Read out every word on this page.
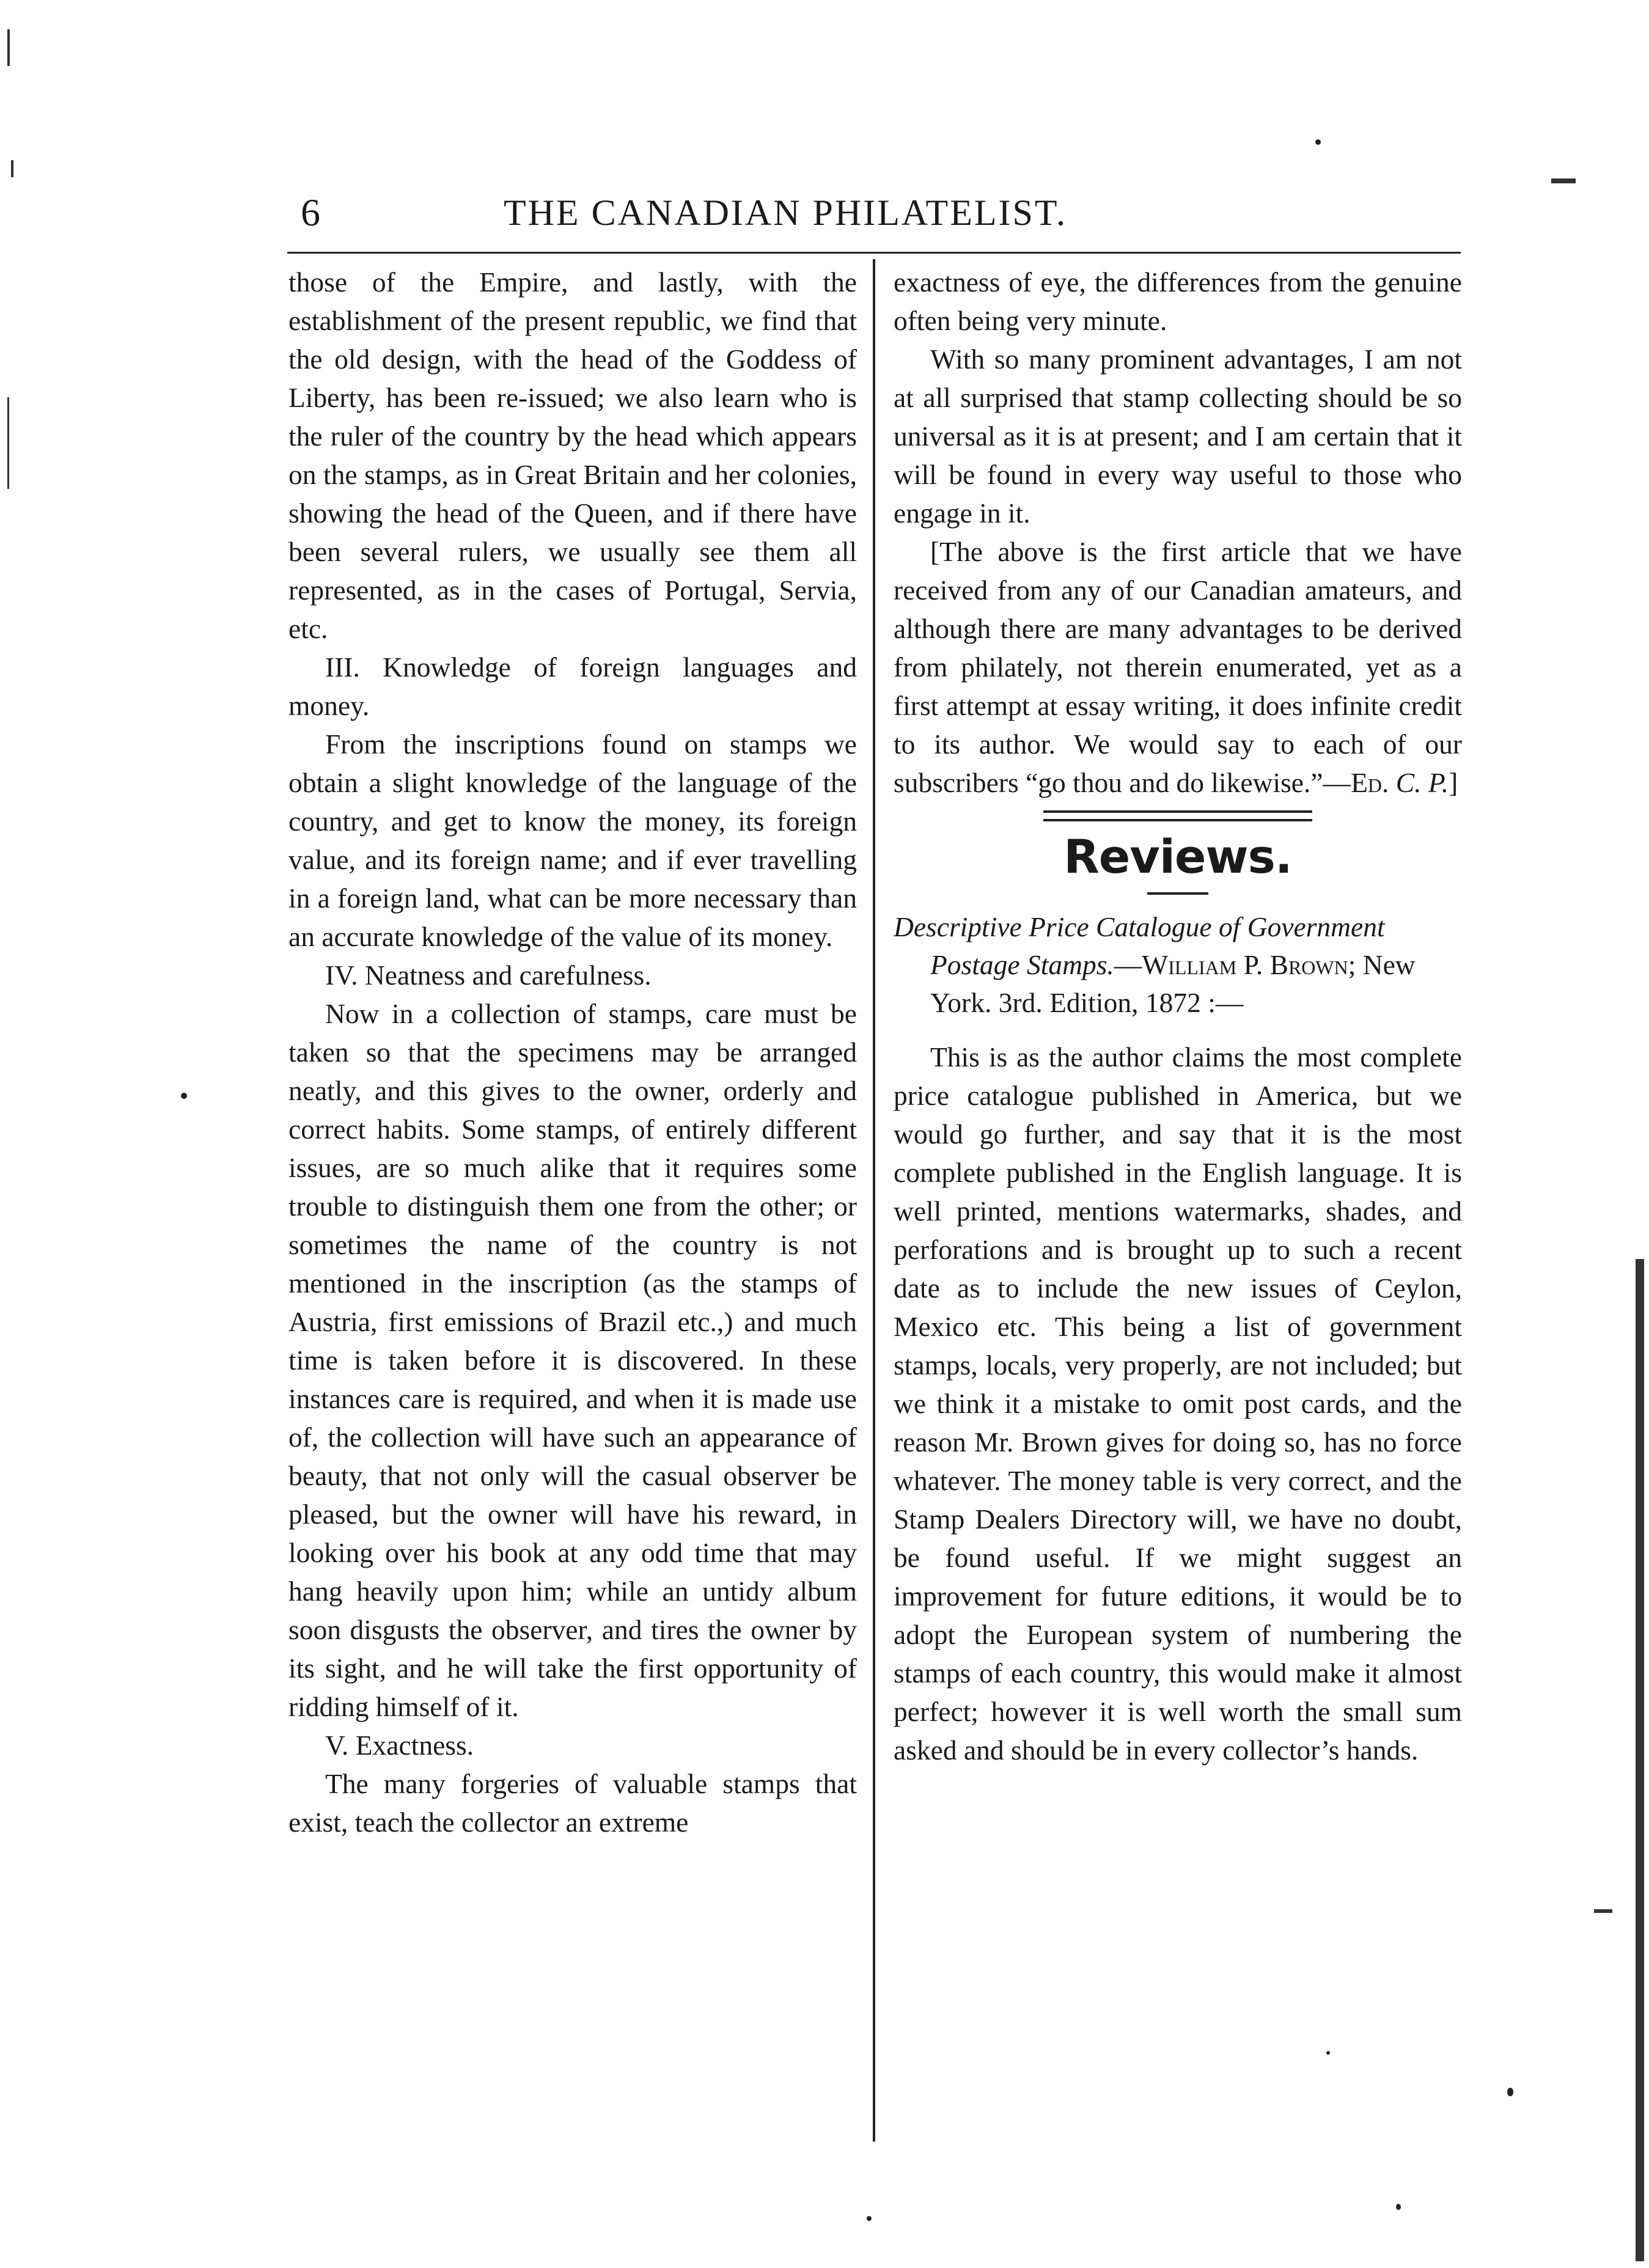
6	THE CANADIAN PHILATELIST.

those of the Empire, and lastly, with the establishment of the present republic, we find that the old design, with the head of the Goddess of Liberty, has been re-issued; we also learn who is the ruler of the country by the head which appears on the stamps, as in Great Britain and her colonies, showing the head of the Queen, and if there have been several rulers, we usually see them all represented, as in the cases of Portugal, Servia, etc.

III. Knowledge of foreign languages and money.

From the inscriptions found on stamps we obtain a slight knowledge of the language of the country, and get to know the money, its foreign value, and its foreign name; and if ever travelling in a foreign land, what can be more necessary than an accurate knowledge of the value of its money.

IV. Neatness and carefulness.

Now in a collection of stamps, care must be taken so that the specimens may be arranged neatly, and this gives to the owner, orderly and correct habits. Some stamps, of entirely different issues, are so much alike that it requires some trouble to distinguish them one from the other; or sometimes the name of the country is not mentioned in the inscription (as the stamps of Austria, first emissions of Brazil etc.,) and much time is taken before it is discovered. In these instances care is required, and when it is made use of, the collection will have such an appearance of beauty, that not only will the casual observer be pleased, but the owner will have his reward, in looking over his book at any odd time that may hang heavily upon him; while an untidy album soon disgusts the observer, and tires the owner by its sight, and he will take the first opportunity of ridding himself of it.

V. Exactness.

The many forgeries of valuable stamps that exist, teach the collector an extreme

exactness of eye, the differences from the genuine often being very minute.

With so many prominent advantages, I am not at all surprised that stamp collecting should be so universal as it is at present; and I am certain that it will be found in every way useful to those who engage in it.

[The above is the first article that we have received from any of our Canadian amateurs, and although there are many advantages to be derived from philately, not therein enumerated, yet as a first attempt at essay writing, it does infinite credit to its author. We would say to each of our subscribers “go thou and do likewise.”—Ed. C. P.]

Reviews.

Descriptive Price Catalogue of Government Postage Stamps.—William P. Brown; New York. 3rd. Edition, 1872 :—

This is as the author claims the most complete price catalogue published in America, but we would go further, and say that it is the most complete published in the English language. It is well printed, mentions watermarks, shades, and perforations and is brought up to such a recent date as to include the new issues of Ceylon, Mexico etc. This being a list of government stamps, locals, very properly, are not included; but we think it a mistake to omit post cards, and the reason Mr. Brown gives for doing so, has no force whatever. The money table is very correct, and the Stamp Dealers Directory will, we have no doubt, be found useful. If we might suggest an improvement for future editions, it would be to adopt the European system of numbering the stamps of each country, this would make it almost perfect; however it is well worth the small sum asked and should be in every collector’s hands.
